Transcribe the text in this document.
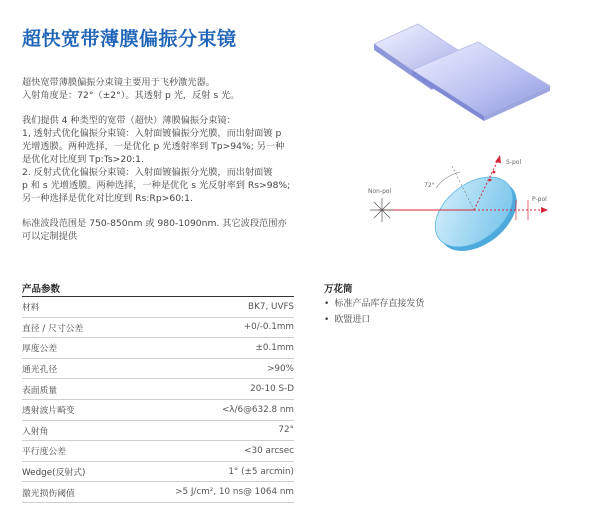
超快宽带薄膜偏振分束镜

超快宽带薄膜偏振分束镜主要用于飞秒激光器。

入射角度是：72°（±2°）。其透射 p 光，反射 s 光。

我们提供 4 种类型的宽带（超快）薄膜偏振分束镜：

1, 透射式优化偏振分束镜：入射面镀偏振分光膜，而出射面镀 p

光增透膜。两种选择，一是优化 p 光透射率到 Tp>94%; 另一种

是优化对比度到 Tp:Ts>20:1.

2. 反射式优化偏振分束镜：入射面镀偏振分光膜，而出射面镀

p 和 s 光增透膜。两种选择，一种是优化 s 光反射率到 Rs>98%;

另一种选择是优化对比度到 Rs:Rp>60:1.

标准波段范围是 750-850nm 或 980-1090nm. 其它波段范围亦

可以定制提供

Non-pol
S-pol
P-pol
72°
产品参数	万花筒
材料	BK7, UVFS
直径 / 尺寸公差	+0/-0.1mm
厚度公差	±0.1mm
通光孔径	>90%
表面质量	20-10 S-D
透射波片畸变	<λ/6@632.8 nm
入射角	72°
平行度公差	<30 arcsec
Wedge(反射式)	1° (±5 arcmin)
激光损伤阈值	>5 J/cm², 10 ns@ 1064 nm
• 标准产品库存直接发货
• 欧盟进口
